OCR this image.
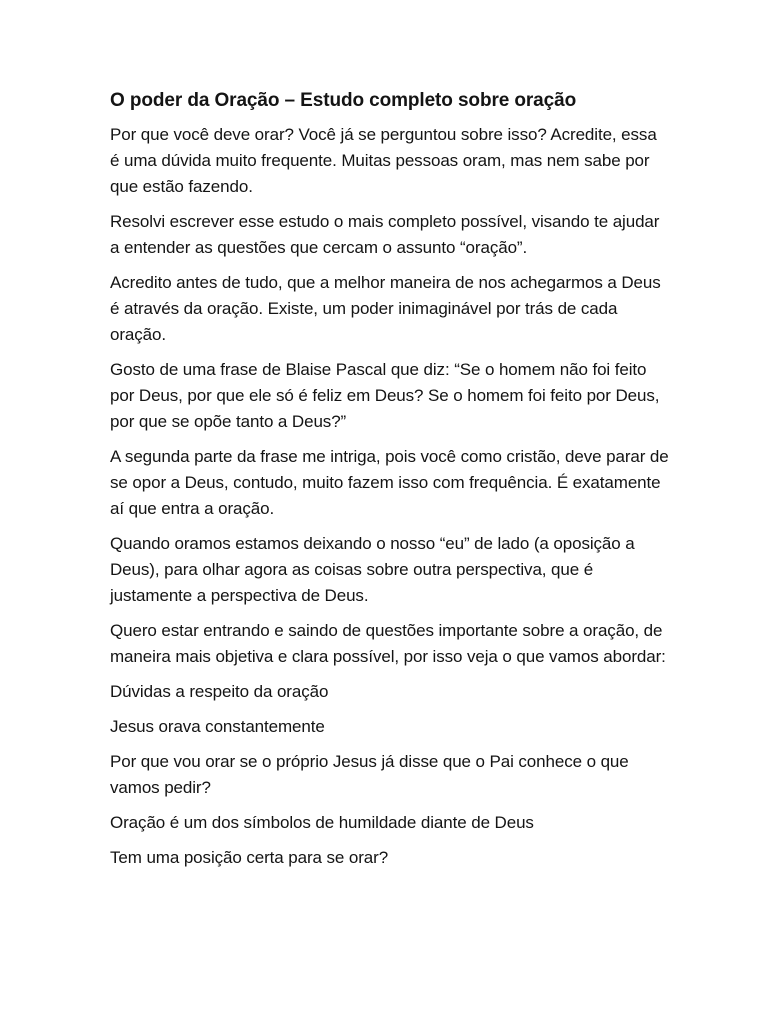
O poder da Oração – Estudo completo sobre oração

Por que você deve orar? Você já se perguntou sobre isso? Acredite, essa é uma dúvida muito frequente. Muitas pessoas oram, mas nem sabe por que estão fazendo.

Resolvi escrever esse estudo o mais completo possível, visando te ajudar a entender as questões que cercam o assunto “oração”.

Acredito antes de tudo, que a melhor maneira de nos achegarmos a Deus é através da oração. Existe, um poder inimaginável por trás de cada oração.

Gosto de uma frase de Blaise Pascal que diz: “Se o homem não foi feito por Deus, por que ele só é feliz em Deus? Se o homem foi feito por Deus, por que se opõe tanto a Deus?”

A segunda parte da frase me intriga, pois você como cristão, deve parar de se opor a Deus, contudo, muito fazem isso com frequência. É exatamente aí que entra a oração.

Quando oramos estamos deixando o nosso “eu” de lado (a oposição a Deus), para olhar agora as coisas sobre outra perspectiva, que é justamente a perspectiva de Deus.

Quero estar entrando e saindo de questões importante sobre a oração, de maneira mais objetiva e clara possível, por isso veja o que vamos abordar:

Dúvidas a respeito da oração

Jesus orava constantemente

Por que vou orar se o próprio Jesus já disse que o Pai conhece o que vamos pedir?

Oração é um dos símbolos de humildade diante de Deus

Tem uma posição certa para se orar?
